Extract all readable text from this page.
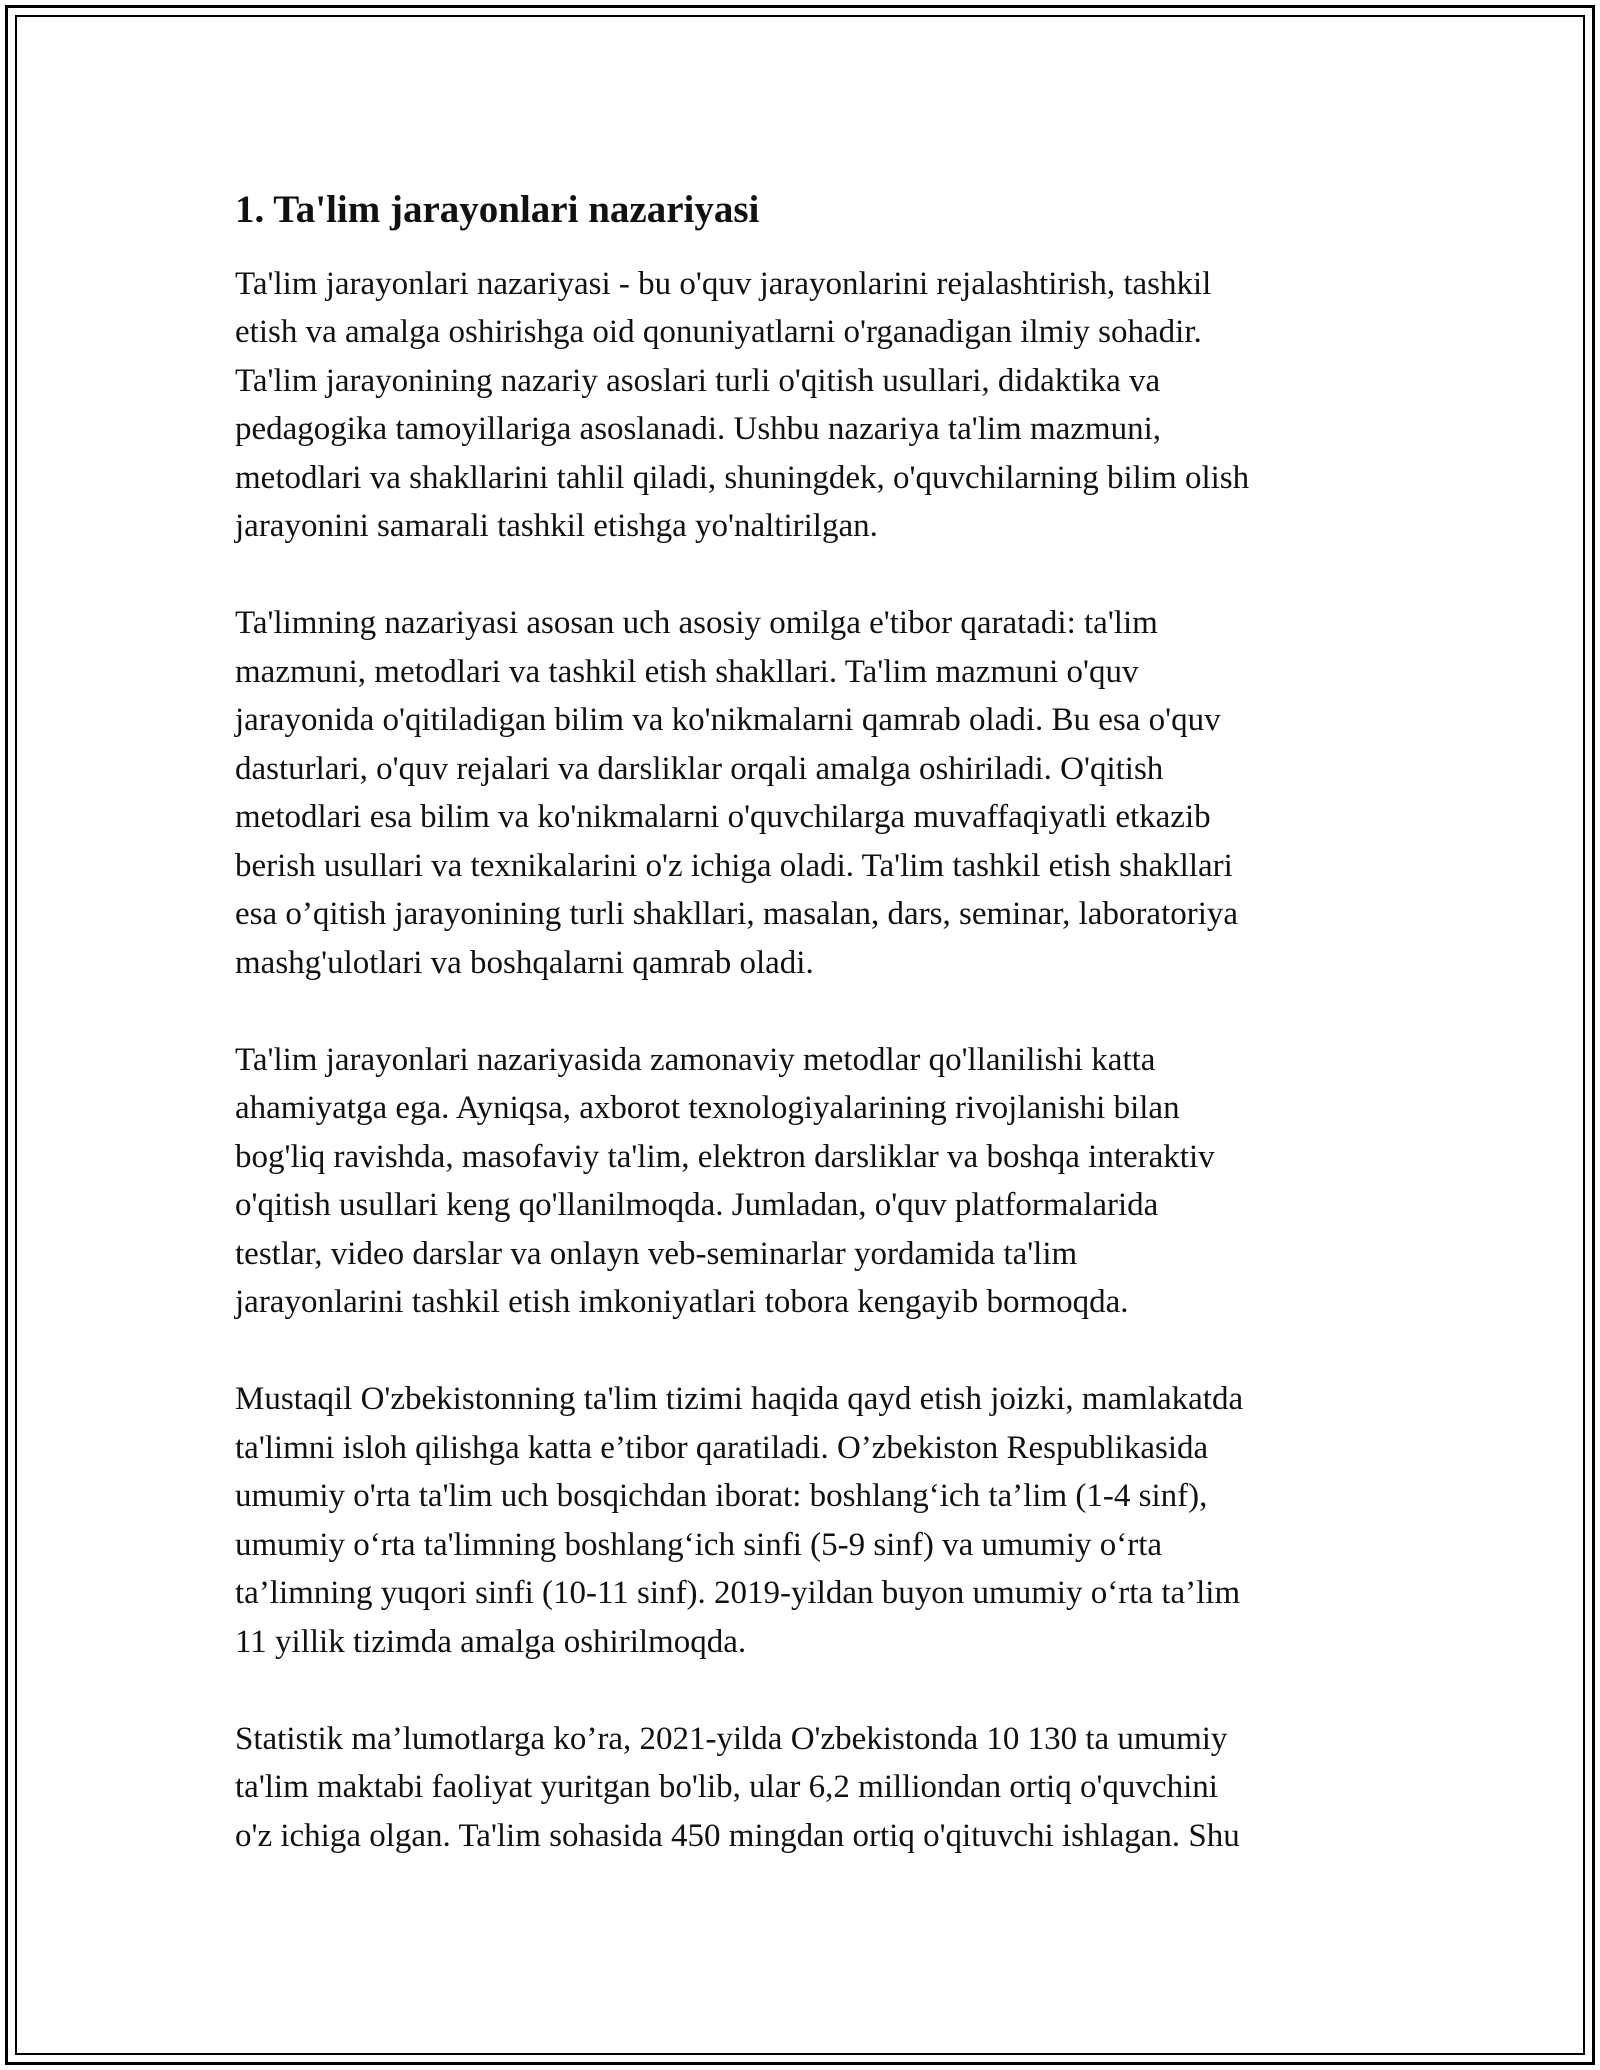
1. Ta'lim jarayonlari nazariyasi

Ta'lim jarayonlari nazariyasi - bu o'quv jarayonlarini rejalashtirish, tashkil
etish va amalga oshirishga oid qonuniyatlarni o'rganadigan ilmiy sohadir.
Ta'lim jarayonining nazariy asoslari turli o'qitish usullari, didaktika va
pedagogika tamoyillariga asoslanadi. Ushbu nazariya ta'lim mazmuni,
metodlari va shakllarini tahlil qiladi, shuningdek, o'quvchilarning bilim olish
jarayonini samarali tashkil etishga yo'naltirilgan.

Ta'limning nazariyasi asosan uch asosiy omilga e'tibor qaratadi: ta'lim
mazmuni, metodlari va tashkil etish shakllari. Ta'lim mazmuni o'quv
jarayonida o'qitiladigan bilim va ko'nikmalarni qamrab oladi. Bu esa o'quv
dasturlari, o'quv rejalari va darsliklar orqali amalga oshiriladi. O'qitish
metodlari esa bilim va ko'nikmalarni o'quvchilarga muvaffaqiyatli etkazib
berish usullari va texnikalarini o'z ichiga oladi. Ta'lim tashkil etish shakllari
esa o’qitish jarayonining turli shakllari, masalan, dars, seminar, laboratoriya
mashg'ulotlari va boshqalarni qamrab oladi.

Ta'lim jarayonlari nazariyasida zamonaviy metodlar qo'llanilishi katta
ahamiyatga ega. Ayniqsa, axborot texnologiyalarining rivojlanishi bilan
bog'liq ravishda, masofaviy ta'lim, elektron darsliklar va boshqa interaktiv
o'qitish usullari keng qo'llanilmoqda. Jumladan, o'quv platformalarida
testlar, video darslar va onlayn veb-seminarlar yordamida ta'lim
jarayonlarini tashkil etish imkoniyatlari tobora kengayib bormoqda.

Mustaqil O'zbekistonning ta'lim tizimi haqida qayd etish joizki, mamlakatda
ta'limni isloh qilishga katta e’tibor qaratiladi. O’zbekiston Respublikasida
umumiy o'rta ta'lim uch bosqichdan iborat: boshlang‘ich ta’lim (1-4 sinf),
umumiy o‘rta ta'limning boshlang‘ich sinfi (5-9 sinf) va umumiy o‘rta
ta’limning yuqori sinfi (10-11 sinf). 2019-yildan buyon umumiy o‘rta ta’lim
11 yillik tizimda amalga oshirilmoqda.

Statistik ma’lumotlarga ko’ra, 2021-yilda O'zbekistonda 10 130 ta umumiy
ta'lim maktabi faoliyat yuritgan bo'lib, ular 6,2 milliondan ortiq o'quvchini
o'z ichiga olgan. Ta'lim sohasida 450 mingdan ortiq o'qituvchi ishlagan. Shu
